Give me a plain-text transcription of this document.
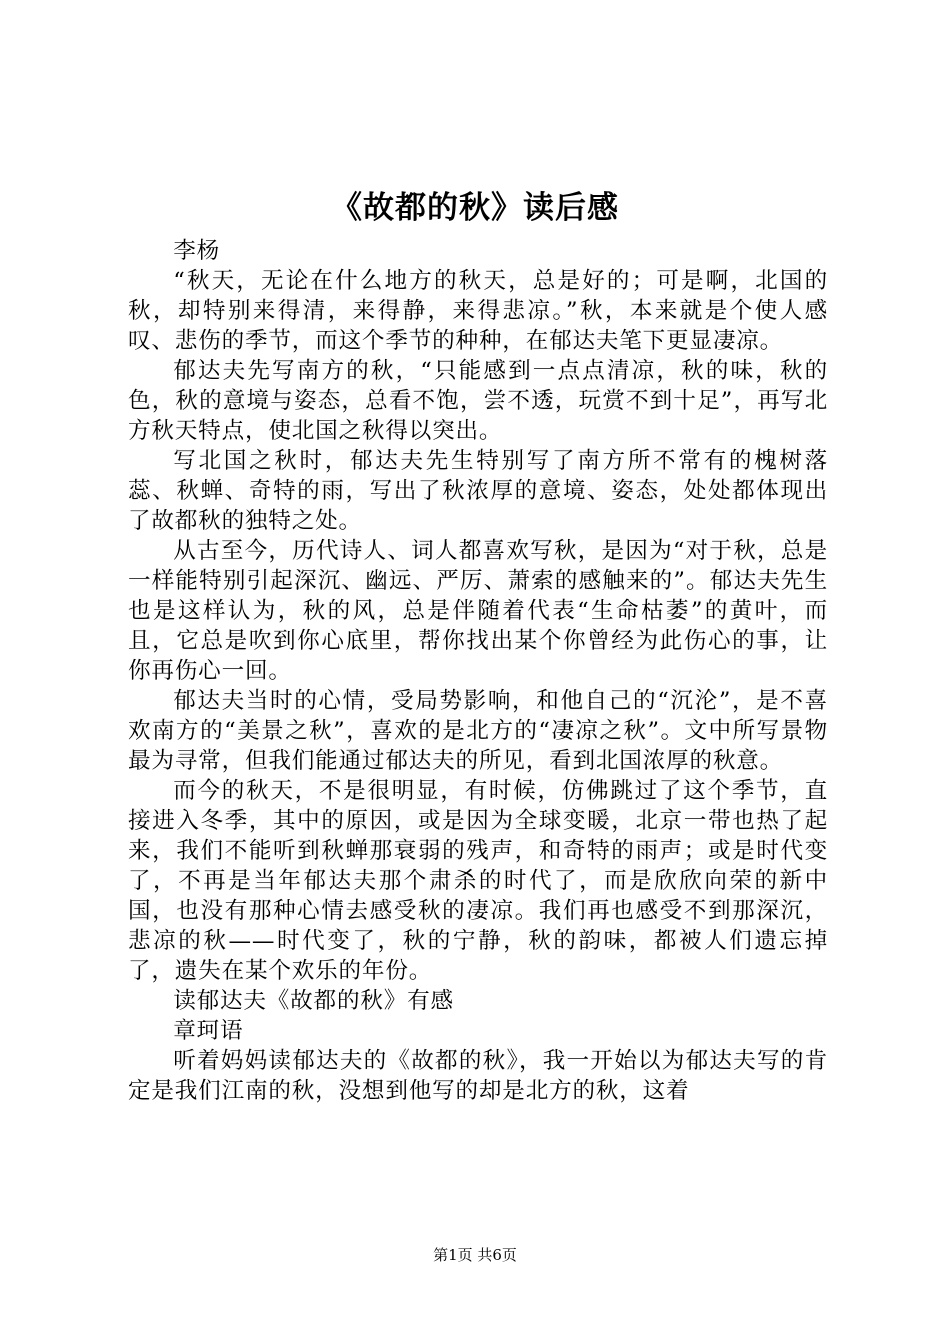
《故都的秋》读后感

李杨

“秋天，无论在什么地方的秋天，总是好的；可是啊，北国的秋，却特别来得清，来得静，来得悲凉。”秋，本来就是个使人感叹、悲伤的季节，而这个季节的种种，在郁达夫笔下更显凄凉。

郁达夫先写南方的秋，“只能感到一点点清凉，秋的味，秋的色，秋的意境与姿态，总看不饱，尝不透，玩赏不到十足”，再写北方秋天特点，使北国之秋得以突出。

写北国之秋时，郁达夫先生特别写了南方所不常有的槐树落蕊、秋蝉、奇特的雨，写出了秋浓厚的意境、姿态，处处都体现出了故都秋的独特之处。

从古至今，历代诗人、词人都喜欢写秋，是因为“对于秋，总是一样能特别引起深沉、幽远、严厉、萧索的感触来的”。郁达夫先生也是这样认为，秋的风，总是伴随着代表“生命枯萎”的黄叶，而且，它总是吹到你心底里，帮你找出某个你曾经为此伤心的事，让你再伤心一回。

郁达夫当时的心情，受局势影响，和他自己的“沉沦”，是不喜欢南方的“美景之秋”，喜欢的是北方的“凄凉之秋”。文中所写景物最为寻常，但我们能通过郁达夫的所见，看到北国浓厚的秋意。

而今的秋天，不是很明显，有时候，仿佛跳过了这个季节，直接进入冬季，其中的原因，或是因为全球变暖，北京一带也热了起来，我们不能听到秋蝉那衰弱的残声，和奇特的雨声；或是时代变了，不再是当年郁达夫那个肃杀的时代了，而是欣欣向荣的新中国，也没有那种心情去感受秋的凄凉。我们再也感受不到那深沉，悲凉的秋——时代变了，秋的宁静，秋的韵味，都被人们遗忘掉了，遗失在某个欢乐的年份。

读郁达夫《故都的秋》有感

章珂语

听着妈妈读郁达夫的《故都的秋》，我一开始以为郁达夫写的肯定是我们江南的秋，没想到他写的却是北方的秋，这着

第1页 共6页
